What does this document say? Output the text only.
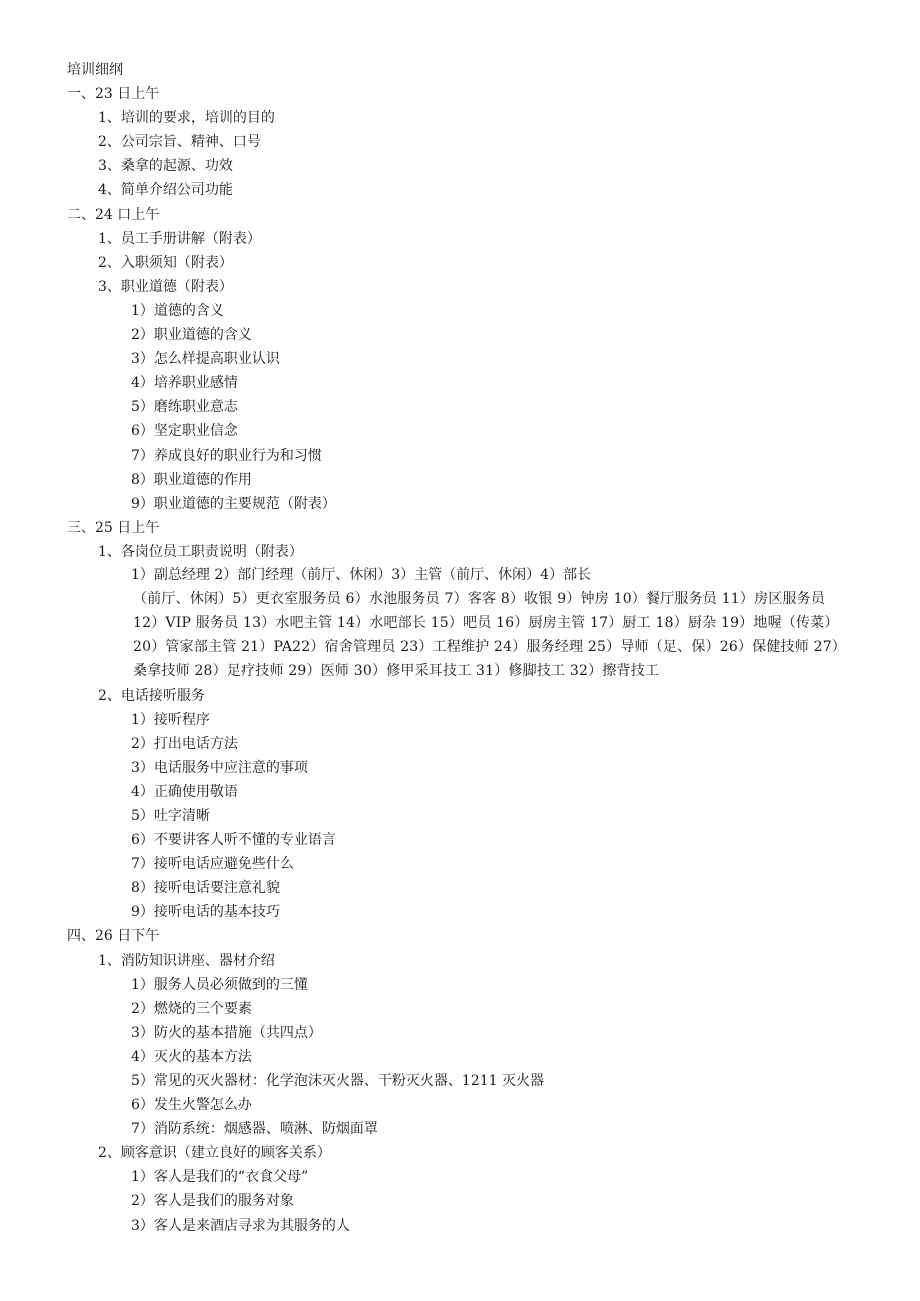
培训细纲
一、23 日上午
1、培训的要求，培训的目的
2、公司宗旨、精神、口号
3、桑拿的起源、功效
4、简单介绍公司功能
二、24 口上午
1、员工手册讲解（附表）
2、入职须知（附表）
3、职业道德（附表）
1）道德的含义
2）职业道德的含义
3）怎么样提高职业认识
4）培养职业感情
5）磨练职业意志
6）坚定职业信念
7）养成良好的职业行为和习惯
8）职业道德的作用
9）职业道德的主要规范（附表）
三、25 日上午
1、各岗位员工职责说明（附表）
1）副总经理 2）部门经理（前厅、休闲）3）主管（前厅、休闲）4）部长
（前厅、休闲）5）更衣室服务员 6）水池服务员 7）客客 8）收银 9）钟房 10）餐厅服务员 11）房区服务员 12）VIP 服务员 13）水吧主管 14）水吧部长 15）吧员 16）厨房主管 17）厨工 18）厨杂 19）地喔（传菜）20）管家部主管 21）PA22）宿舍管理员 23）工程维护 24）服务经理 25）导师（足、保）26）保健技师 27）桑拿技师 28）足疗技师 29）医师 30）修甲采耳技工 31）修脚技工 32）擦背技工
2、电话接听服务
1）接听程序
2）打出电话方法
3）电话服务中应注意的事项
4）正确使用敬语
5）吐字清晰
6）不要讲客人听不懂的专业语言
7）接听电话应避免些什么
8）接听电话要注意礼貌
9）接听电话的基本技巧
四、26 日下午
1、消防知识讲座、器材介绍
1）服务人员必须做到的三懂
2）燃烧的三个要素
3）防火的基本措施（共四点）
4）灭火的基本方法
5）常见的灭火器材：化学泡沫灭火器、干粉灭火器、1211 灭火器
6）发生火警怎么办
7）消防系统：烟感器、喷淋、防烟面罩
2、顾客意识（建立良好的顾客关系）
1）客人是我们的“衣食父母”
2）客人是我们的服务对象
3）客人是来酒店寻求为其服务的人
